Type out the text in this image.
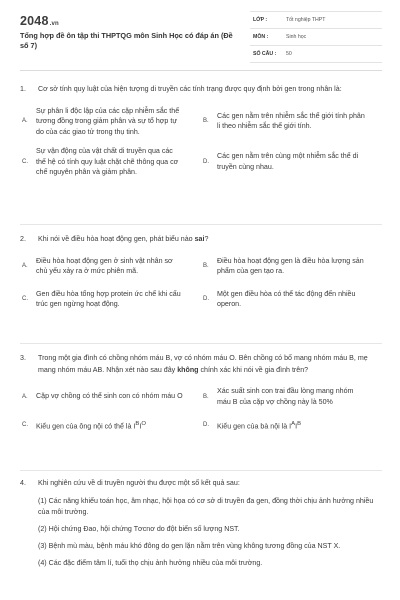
2048.vn
Tổng hợp đề ôn tập thi THPTQG môn Sinh Học có đáp án (Đề số 7)
LỚP :	Tốt nghiệp THPT
MÔN :	Sinh học
SỐ CÂU :	50
1.	Cơ sở tính quy luật của hiện tượng di truyền các tính trạng được quy định bởi gen trong nhân là:
A.
Sự phân li độc lập của các cặp nhiễm sắc thể tương đồng trong giảm phân và sự tổ hợp tự do của các giao tử trong thụ tinh.
B.
Các gen nằm trên nhiễm sắc thể giới tính phân li theo nhiễm sắc thể giới tính.
C.
Sự vận động của vật chất di truyền qua các thế hệ có tính quy luật chặt chẽ thông qua cơ chế nguyên phân và giảm phân.
D.
Các gen nằm trên cùng một nhiễm sắc thể di truyền cùng nhau.
2.	Khi nói về điều hòa hoạt động gen, phát biểu nào sai?
A.
Điều hòa hoạt động gen ở sinh vật nhân sơ chủ yếu xảy ra ở mức phiên mã.
B.
Điều hòa hoạt động gen là điều hòa lượng sản phẩm của gen tạo ra.
C.
Gen điều hòa tổng hợp protein ức chế khi cấu trúc gen ngừng hoạt động.
D.
Một gen điều hòa có thể tác động đến nhiều operon.
3.	Trong một gia đình có chồng nhóm máu B, vợ có nhóm máu O. Bên chồng có bố mang nhóm máu B, mẹ mang nhóm máu AB. Nhận xét nào sau đây không chính xác khi nói về gia đình trên?
A.	Cặp vợ chồng có thể sinh con có nhóm máu O	B.
Xác suất sinh con trai đầu lòng mang nhóm máu B của cặp vợ chồng này là 50%
C.	Kiểu gen của ông nội có thể là $I^BI^O$	D.	Kiểu gen của bà nội là $I^AI^B$
4.	Khi nghiên cứu về di truyền người thu được một số kết quả sau:
(1) Các năng khiếu toán học, âm nhạc, hội họa có cơ sở di truyền đa gen, đồng thời chịu ảnh hưởng nhiều của môi trường.
(2) Hội chứng Đao, hội chứng Tơcnơ do đột biến số lượng NST.
(3) Bệnh mù màu, bệnh máu khó đông do gen lặn nằm trên vùng không tương đồng của NST X.
(4) Các đặc điểm tâm lí, tuổi thọ chịu ảnh hưởng nhiều của môi trường.
